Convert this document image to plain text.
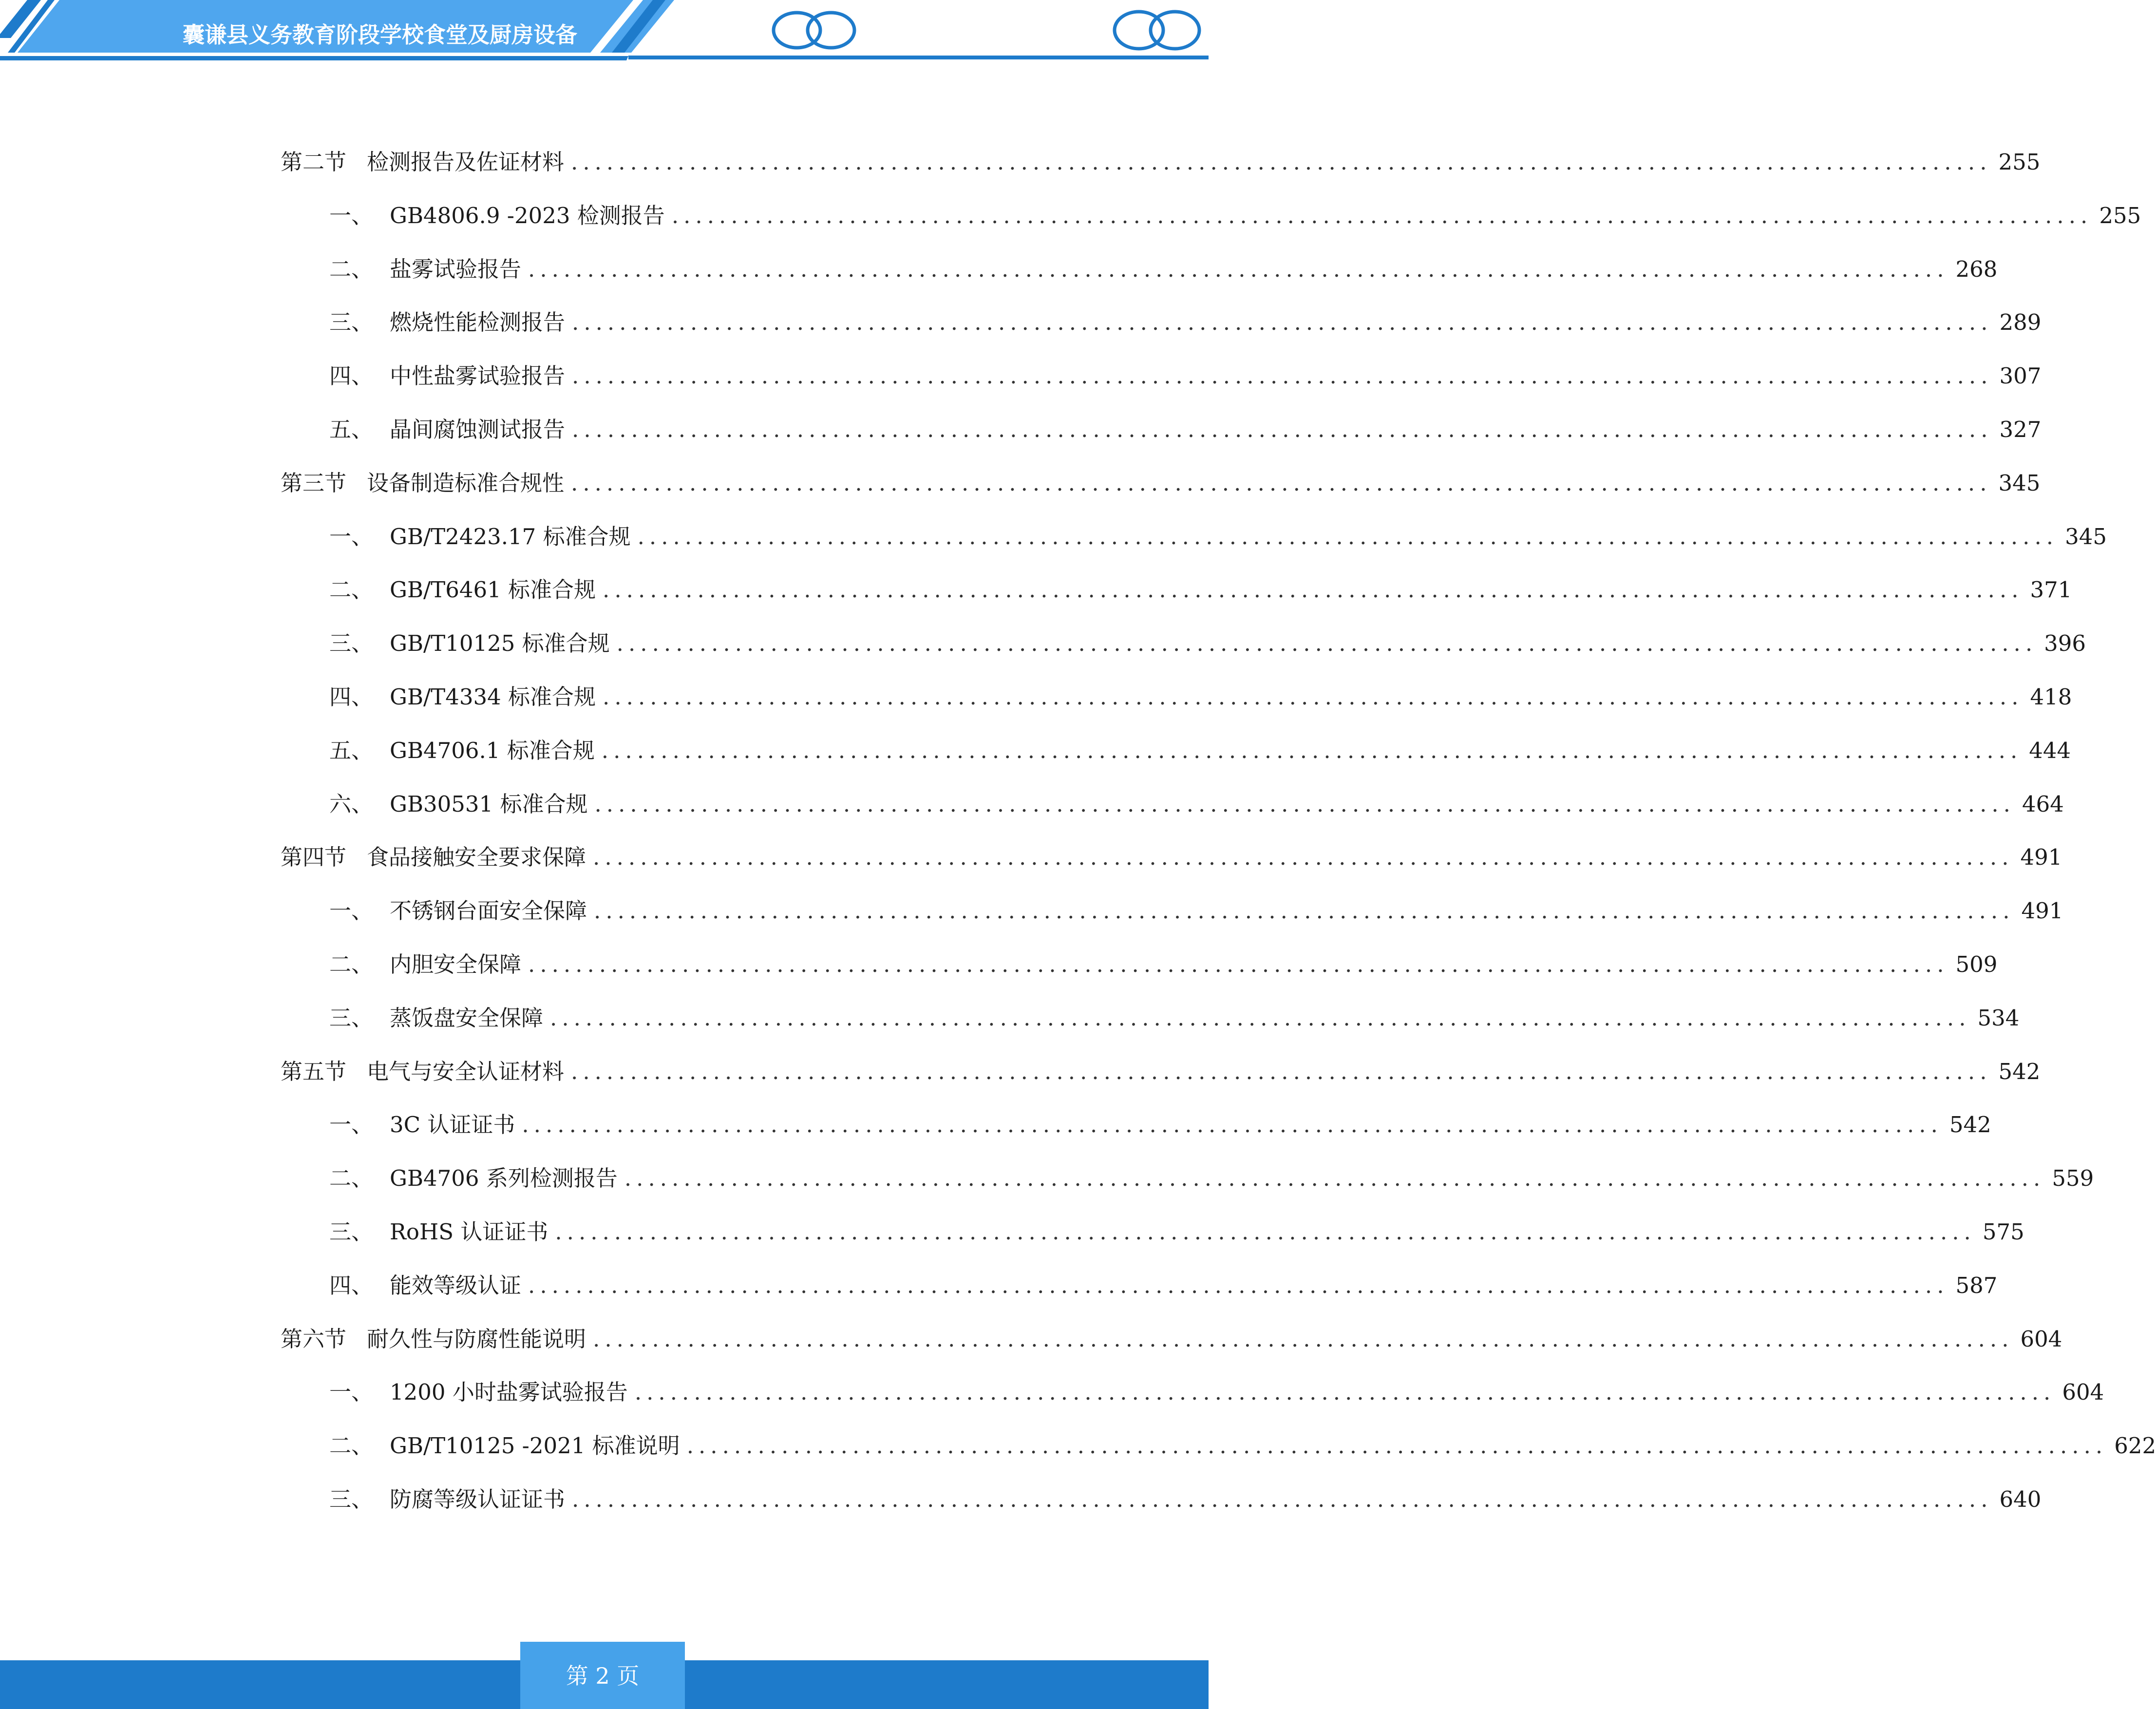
囊谦县义务教育阶段学校食堂及厨房设备
第二节 检测报告及佐证材料 ........................................................................................................................ 255
一、 GB4806.9 -2023 检测报告 ........................................................................................................................ 255
二、 盐雾试验报告 ........................................................................................................................ 268
三、 燃烧性能检测报告 ........................................................................................................................ 289
四、 中性盐雾试验报告 ........................................................................................................................ 307
五、 晶间腐蚀测试报告 ........................................................................................................................ 327
第三节 设备制造标准合规性 ........................................................................................................................ 345
一、 GB/T2423.17 标准合规 ........................................................................................................................ 345
二、 GB/T6461 标准合规 ........................................................................................................................ 371
三、 GB/T10125 标准合规 ........................................................................................................................ 396
四、 GB/T4334 标准合规 ........................................................................................................................ 418
五、 GB4706.1 标准合规 ........................................................................................................................ 444
六、 GB30531 标准合规 ........................................................................................................................ 464
第四节 食品接触安全要求保障 ........................................................................................................................ 491
一、 不锈钢台面安全保障 ........................................................................................................................ 491
二、 内胆安全保障 ........................................................................................................................ 509
三、 蒸饭盘安全保障 ........................................................................................................................ 534
第五节 电气与安全认证材料 ........................................................................................................................ 542
一、 3C 认证证书 ........................................................................................................................ 542
二、 GB4706 系列检测报告 ........................................................................................................................ 559
三、 RoHS 认证证书 ........................................................................................................................ 575
四、 能效等级认证 ........................................................................................................................ 587
第六节 耐久性与防腐性能说明 ........................................................................................................................ 604
一、 1200 小时盐雾试验报告 ........................................................................................................................ 604
二、 GB/T10125 -2021 标准说明 ........................................................................................................................ 622
三、 防腐等级认证证书 ........................................................................................................................ 640
第 2 页
